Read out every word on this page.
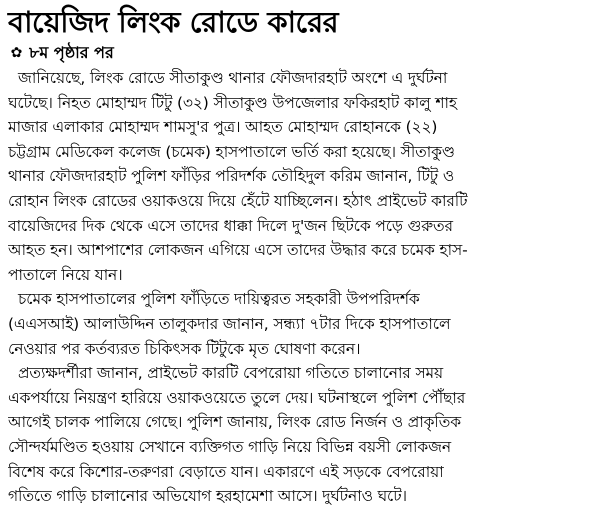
বায়েজিদ লিংক রোডে কারের
✿ ৮ম পৃষ্ঠার পর
জানিয়েছে, লিংক রোডে সীতাকুণ্ড থানার ফৌজদারহাট অংশে এ দুর্ঘটনা
ঘটেছে। নিহত মোহাম্মদ টিটু (৩২) সীতাকুণ্ড উপজেলার ফকিরহাট কালু শাহ
মাজার এলাকার মোহাম্মদ শামসু'র পুত্র। আহত মোহাম্মদ রোহানকে (২২)
চট্টগ্রাম মেডিকেল কলেজ (চমেক) হাসপাতালে ভর্তি করা হয়েছে। সীতাকুণ্ড
থানার ফৌজদারহাট পুলিশ ফাঁড়ির পরিদর্শক তৌহিদুল করিম জানান, টিটু ও
রোহান লিংক রোডের ওয়াকওয়ে দিয়ে হেঁটে যাচ্ছিলেন। হঠাৎ প্রাইভেট কারটি
বায়েজিদের দিক থেকে এসে তাদের ধাক্কা দিলে দু'জন ছিটকে পড়ে গুরুতর
আহত হন। আশপাশের লোকজন এগিয়ে এসে তাদের উদ্ধার করে চমেক হাস-
পাতালে নিয়ে যান।
চমেক হাসপাতালের পুলিশ ফাঁড়িতে দায়িত্বরত সহকারী উপপরিদর্শক
(এএসআই) আলাউদ্দিন তালুকদার জানান, সন্ধ্যা ৭টার দিকে হাসপাতালে
নেওয়ার পর কর্তব্যরত চিকিৎসক টিটুকে মৃত ঘোষণা করেন।
প্রত্যক্ষদর্শীরা জানান, প্রাইভেট কারটি বেপরোয়া গতিতে চালানোর সময়
একপর্যায়ে নিয়ন্ত্রণ হারিয়ে ওয়াকওয়েতে তুলে দেয়। ঘটনাস্থলে পুলিশ পৌঁছার
আগেই চালক পালিয়ে গেছে। পুলিশ জানায়, লিংক রোড নির্জন ও প্রাকৃতিক
সৌন্দর্যমণ্ডিত হওয়ায় সেখানে ব্যক্তিগত গাড়ি নিয়ে বিভিন্ন বয়সী লোকজন
বিশেষ করে কিশোর-তরুণরা বেড়াতে যান। একারণে এই সড়কে বেপরোয়া
গতিতে গাড়ি চালানোর অভিযোগ হরহামেশা আসে। দুর্ঘটনাও ঘটে।
